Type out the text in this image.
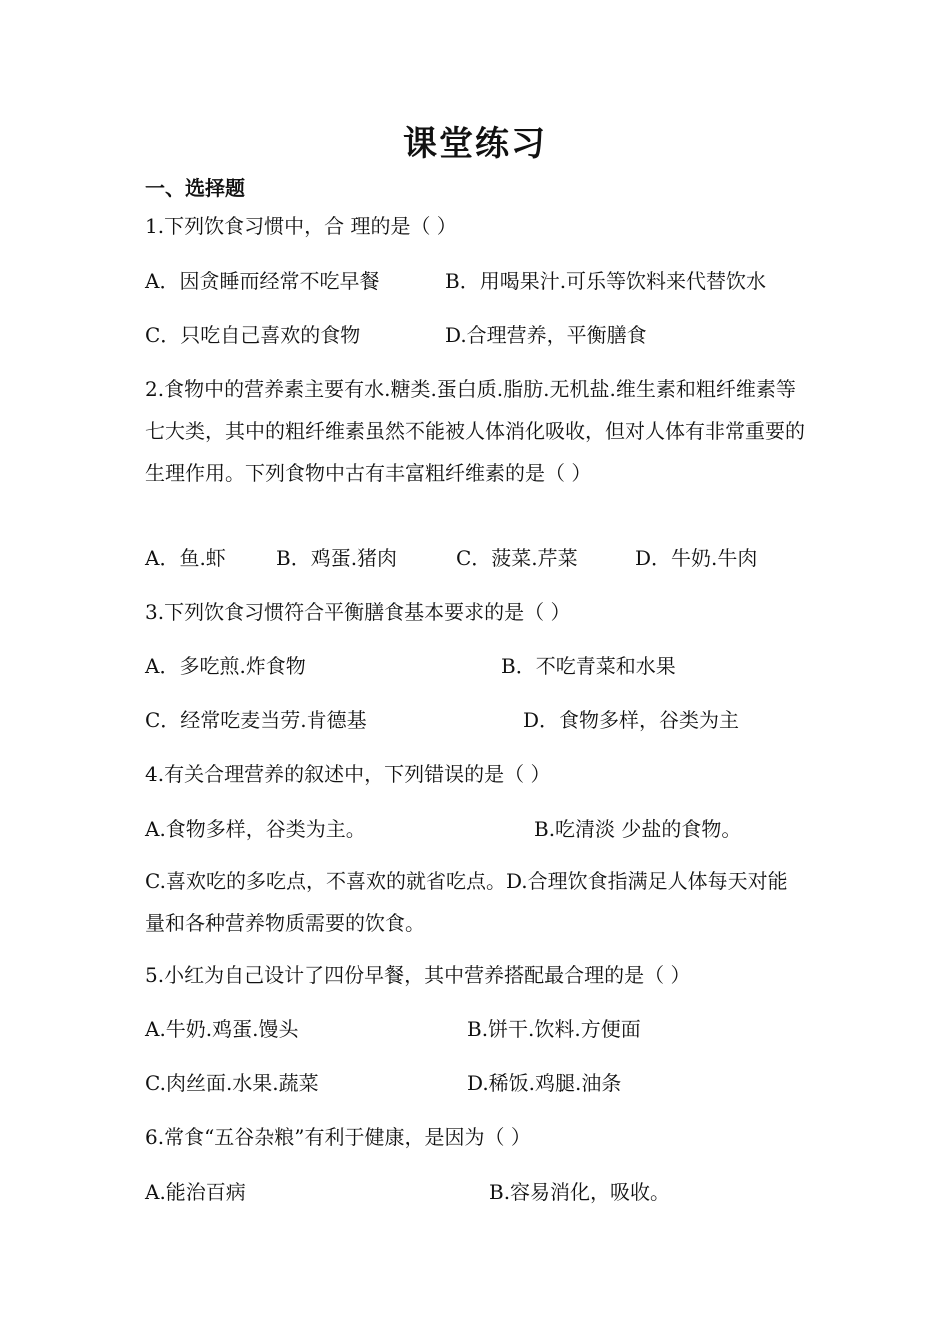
课堂练习
一、选择题
1.下列饮食习惯中，合 理的是（ ）
A．因贪睡而经常不吃早餐	B．用喝果汁.可乐等饮料来代替饮水
C．只吃自己喜欢的食物	D.合理营养，平衡膳食
2.食物中的营养素主要有水.糖类.蛋白质.脂肪.无机盐.维生素和粗纤维素等七大类，其中的粗纤维素虽然不能被人体消化吸收，但对人体有非常重要的生理作用。下列食物中古有丰富粗纤维素的是（ ）
A．鱼.虾	B．鸡蛋.猪肉	C．菠菜.芹菜	D．牛奶.牛肉
3.下列饮食习惯符合平衡膳食基本要求的是（ ）
A．多吃煎.炸食物	B．不吃青菜和水果
C．经常吃麦当劳.肯德基	D．食物多样，谷类为主
4.有关合理营养的叙述中，下列错误的是（ ）
A.食物多样，谷类为主。	B.吃清淡 少盐的食物。
C.喜欢吃的多吃点，不喜欢的就省吃点。D.合理饮食指满足人体每天对能量和各种营养物质需要的饮食。
5.小红为自己设计了四份早餐，其中营养搭配最合理的是（ ）
A.牛奶.鸡蛋.馒头	B.饼干.饮料.方便面
C.肉丝面.水果.蔬菜	D.稀饭.鸡腿.油条
6.常食“五谷杂粮”有利于健康，是因为（ ）
A.能治百病	B.容易消化，吸收。
